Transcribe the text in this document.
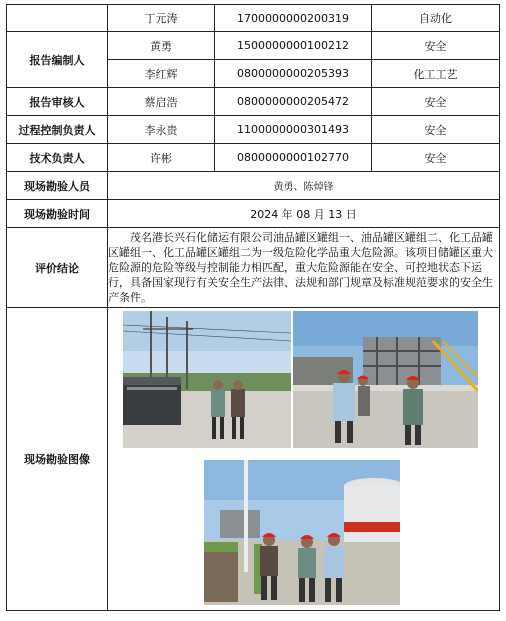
	丁元涛	1700000000200319	自动化
报告编制人	黄勇	1500000000100212	安全
	李红辉	0800000000205393	化工工艺
报告审核人	蔡启浩	0800000000205472	安全
过程控制负责人	李永贵	1100000000301493	安全
技术负责人	许彬	0800000000102770	安全
现场勘验人员	黄勇、陈焯锋		
现场勘验时间	2024 年 08 月 13 日		
评价结论	茂名港长兴石化储运有限公司油品罐区罐组一、油品罐区罐组二、化工品罐区罐组一、化工品罐区罐组二为一级危险化学品重大危险源。该项目储罐区重大危险源的危险等级与控制能力相匹配，重大危险源能在安全、可控地状态下运行，具备国家现行有关安全生产法律、法规和部门规章及标准规范要求的安全生产条件。		
现场勘验图像	
